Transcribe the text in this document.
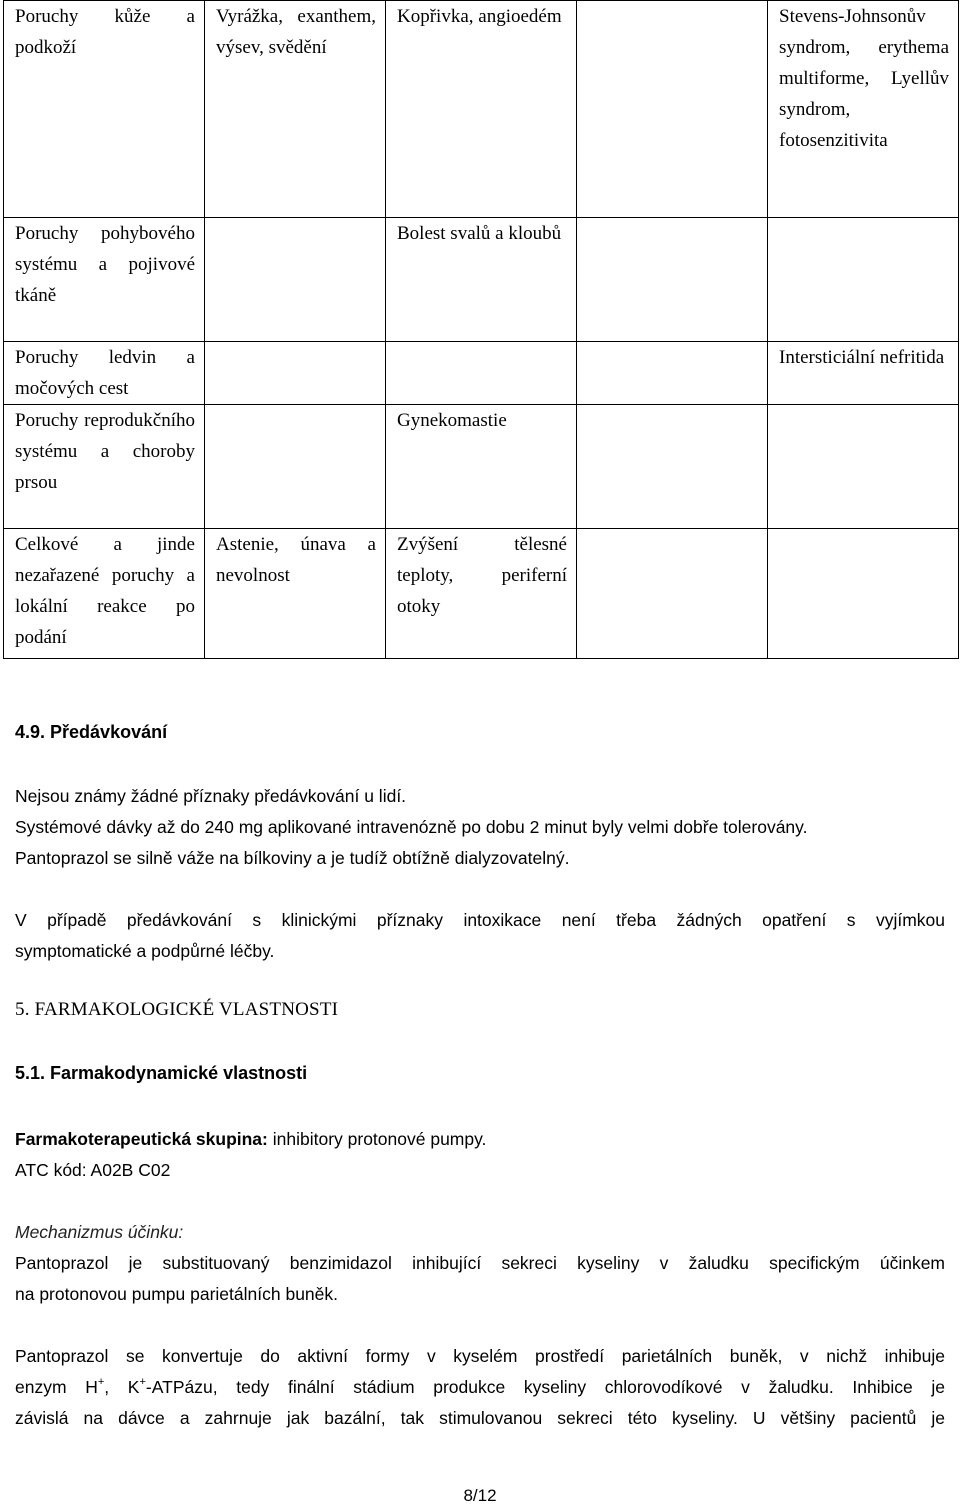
Poruchy kůže a podkoží	Vyrážka, exanthem, výsev, svědění	Kopřivka, angioedém		Stevens-Johnsonův syndrom, erythema multiforme, Lyellův syndrom, fotosenzitivita

Poruchy pohybového systému a pojivové tkáně		Bolest svalů a kloubů		

Poruchy ledvin a močových cest				Intersticiální nefritida

Poruchy reprodukčního systému a choroby prsou		Gynekomastie		

Celkové a jinde nezařazené poruchy a lokální reakce po podání	Astenie, únava a nevolnost	Zvýšení tělesné teploty, periferní otoky		

4.9. Předávkování

Nejsou známy žádné příznaky předávkování u lidí.

Systémové dávky až do 240 mg aplikované intravenózně po dobu 2 minut byly velmi dobře tolerovány.

Pantoprazol se silně váže na bílkoviny a je tudíž obtížně dialyzovatelný.

V případě předávkování s klinickými příznaky intoxikace není třeba žádných opatření s vyjímkou

symptomatické a podpůrné léčby.

5. FARMAKOLOGICKÉ VLASTNOSTI
5.1. Farmakodynamické vlastnosti

Farmakoterapeutická skupina: inhibitory protonové pumpy.

ATC kód: A02B C02

Mechanizmus účinku:

Pantoprazol je substituovaný benzimidazol inhibující sekreci kyseliny v žaludku specifickým účinkem

na protonovou pumpu parietálních buněk.

Pantoprazol se konvertuje do aktivní formy v kyselém prostředí parietálních buněk, v nichž inhibuje

enzym H+, K+-ATPázu, tedy finální stádium produkce kyseliny chlorovodíkové v žaludku. Inhibice je

závislá na dávce a zahrnuje jak bazální, tak stimulovanou sekreci této kyseliny. U většiny pacientů je

8/12
